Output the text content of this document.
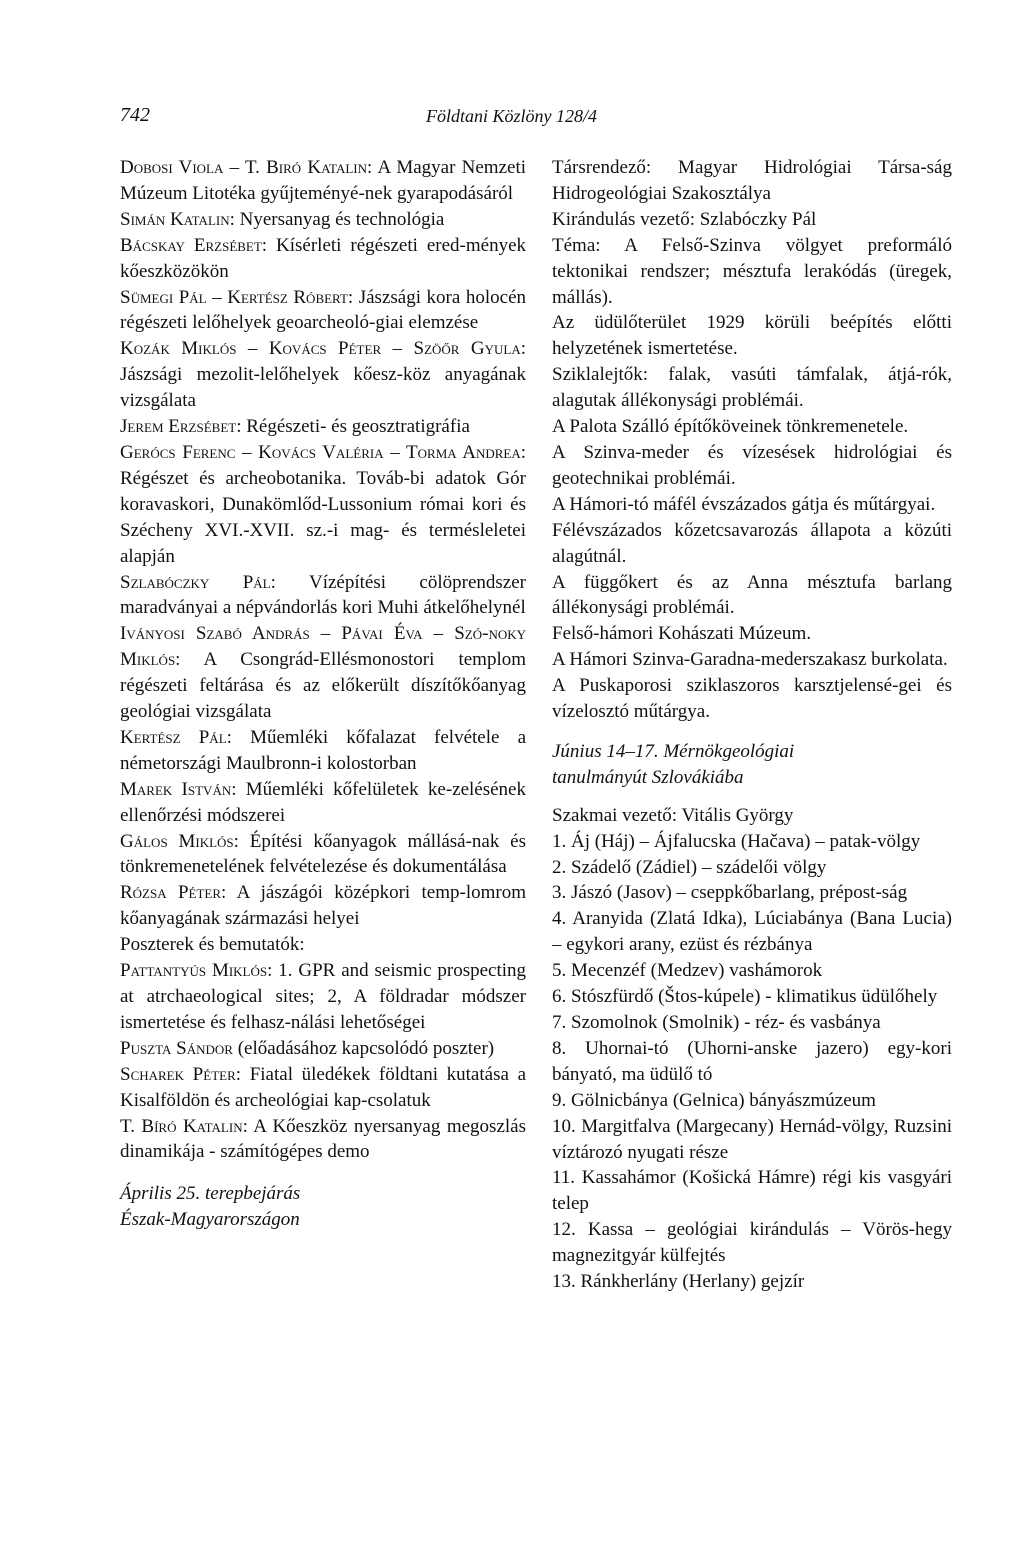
742	Földtani Közlöny 128/4
Dobosi Viola – T. Biró Katalin: A Magyar Nemzeti Múzeum Litotéka gyűjteményé-nek gyarapodásáról
Simán Katalin: Nyersanyag és technológia
Bácskay Erzsébet: Kísérleti régészeti ered-mények kőeszközökön
Sümegi Pál – Kertész Róbert: Jászsági kora holocén régészeti lelőhelyek geoarcheoló-giai elemzése
Kozák Miklós – Kovács Péter – Szöőr Gyula: Jászsági mezolit-lelőhelyek kőesz-köz anyagának vizsgálata
Jerem Erzsébet: Régészeti- és geosztratigráfia
Gerócs Ferenc – Kovács Valéria – Torma Andrea: Régészet és archeobotanika. Továb-bi adatok Gór koravaskori, Dunakömlőd-Lussonium római kori és Szécheny XVI.-XVII. sz.-i mag- és termésleletei alapján
Szlabóczky Pál: Vízépítési cölöprendszer maradványai a népvándorlás kori Muhi átkelőhelynél
Iványosi Szabó András – Pávai Éva – Szó-noky Miklós: A Csongrád-Ellésmonostori templom régészeti feltárása és az előkerült díszítőkőanyag geológiai vizsgálata
Kertész Pál: Műemléki kőfalazat felvétele a németországi Maulbronn-i kolostorban
Marek István: Műemléki kőfelületek ke-zelésének ellenőrzési módszerei
Gálos Miklós: Építési kőanyagok mállásá-nak és tönkremenetelének felvételezése és dokumentálása
Rózsa Péter: A jászágói középkori temp-lomrom kőanyagának származási helyei
Poszterek és bemutatók:
Pattantyús Miklós: 1. GPR and seismic prospecting at atrchaeological sites; 2, A földradar módszer ismertetése és felhasz-nálási lehetőségei
Puszta Sándor (előadásához kapcsolódó poszter)
Scharek Péter: Fiatal üledékek földtani kutatása a Kisalföldön és archeológiai kap-csolatuk
T. Bíró Katalin: A Kőeszköz nyersanyag megoszlás dinamikája - számítógépes demo
Április 25. terepbejárás
Észak-Magyarországon
Társrendező: Magyar Hidrológiai Társa-ság Hidrogeológiai Szakosztálya
Kirándulás vezető: Szlabóczky Pál
Téma: A Felső-Szinva völgyet preformáló tektonikai rendszer; mésztufa lerakódás (üregek, mállás).
Az üdülőterület 1929 körüli beépítés előtti helyzetének ismertetése.
Sziklalejtők: falak, vasúti támfalak, átjá-rók, alagutak állékonysági problémái.
A Palota Szálló építőköveinek tönkremenetele.
A Szinva-meder és vízesések hidrológiai és geotechnikai problémái.
A Hámori-tó máfél évszázados gátja és műtárgyai.
Félévszázados kőzetcsavarozás állapota a közúti alagútnál.
A függőkert és az Anna mésztufa barlang állékonysági problémái.
Felső-hámori Kohászati Múzeum.
A Hámori Szinva-Garadna-mederszakasz burkolata.
A Puskaporosi sziklaszoros karsztjelensé-gei és vízelosztó műtárgya.
Június 14–17. Mérnökgeológiai
tanulmányút Szlovákiába
Szakmai vezető: Vitális György
1. Áj (Háj) – Ájfalucska (Hačava) – patak-völgy
2. Szádelő (Zádiel) – szádelői völgy
3. Jászó (Jasov) – cseppkőbarlang, prépost-ság
4. Aranyida (Zlatá Idka), Lúciabánya (Bana Lucia) – egykori arany, ezüst és rézbánya
5. Mecenzéf (Medzev) vashámorok
6. Stószfürdő (Štos-kúpele) - klimatikus üdülőhely
7. Szomolnok (Smolnik) - réz- és vasbánya
8. Uhornai-tó (Uhorni-anske jazero) egy-kori bányató, ma üdülő tó
9. Gölnicbánya (Gelnica) bányászmúzeum
10. Margitfalva (Margecany) Hernád-völgy, Ruzsini víztározó nyugati része
11. Kassahámor (Košická Hámre) régi kis vasgyári telep
12. Kassa – geológiai kirándulás – Vörös-hegy magnezitgyár külfejtés
13. Ránkherlány (Herlany) gejzír
